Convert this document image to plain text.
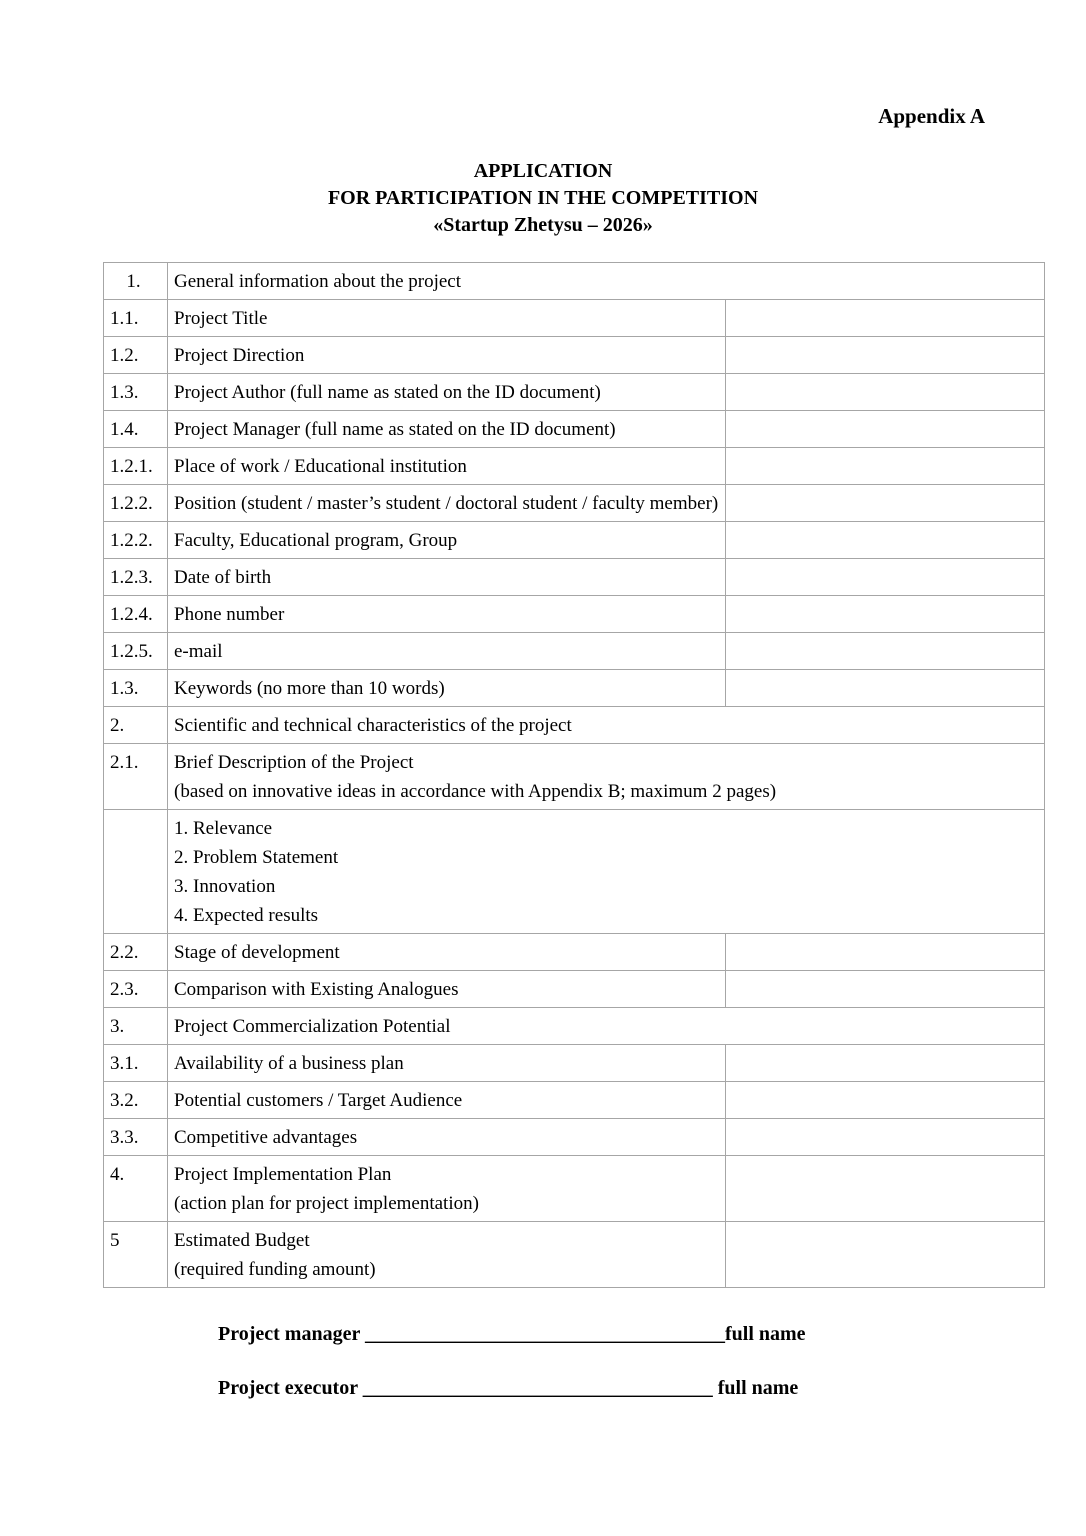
Appendix A
APPLICATION
FOR PARTICIPATION IN THE COMPETITION
«Startup Zhetysu – 2026»
1.	General information about the project	

1.1.	Project Title	

1.2.	Project Direction	

1.3.	Project Author (full name as stated on the ID document)	

1.4.	Project Manager (full name as stated on the ID document)	

1.2.1.	Place of work / Educational institution	

1.2.2.	Position (student / master’s student / doctoral student / faculty member)	

1.2.2.	Faculty, Educational program, Group	

1.2.3.	Date of birth	

1.2.4.	Phone number	

1.2.5.	e-mail	

1.3.	Keywords (no more than 10 words)	

2.	Scientific and technical characteristics of the project	

2.1.	Brief Description of the Project
(based on innovative ideas in accordance with Appendix B; maximum 2 pages)	

	1. Relevance
2. Problem Statement
3. Innovation
4. Expected results	

2.2.	Stage of development	

2.3.	Comparison with Existing Analogues	

3.	Project Commercialization Potential	

3.1.	Availability of a business plan	

3.2.	Potential customers / Target Audience	

3.3.	Competitive advantages	

4.	Project Implementation Plan
(action plan for project implementation)	

5	Estimated Budget
(required funding amount)	

Project manager ____________________________________full name
Project executor ___________________________________ full name
